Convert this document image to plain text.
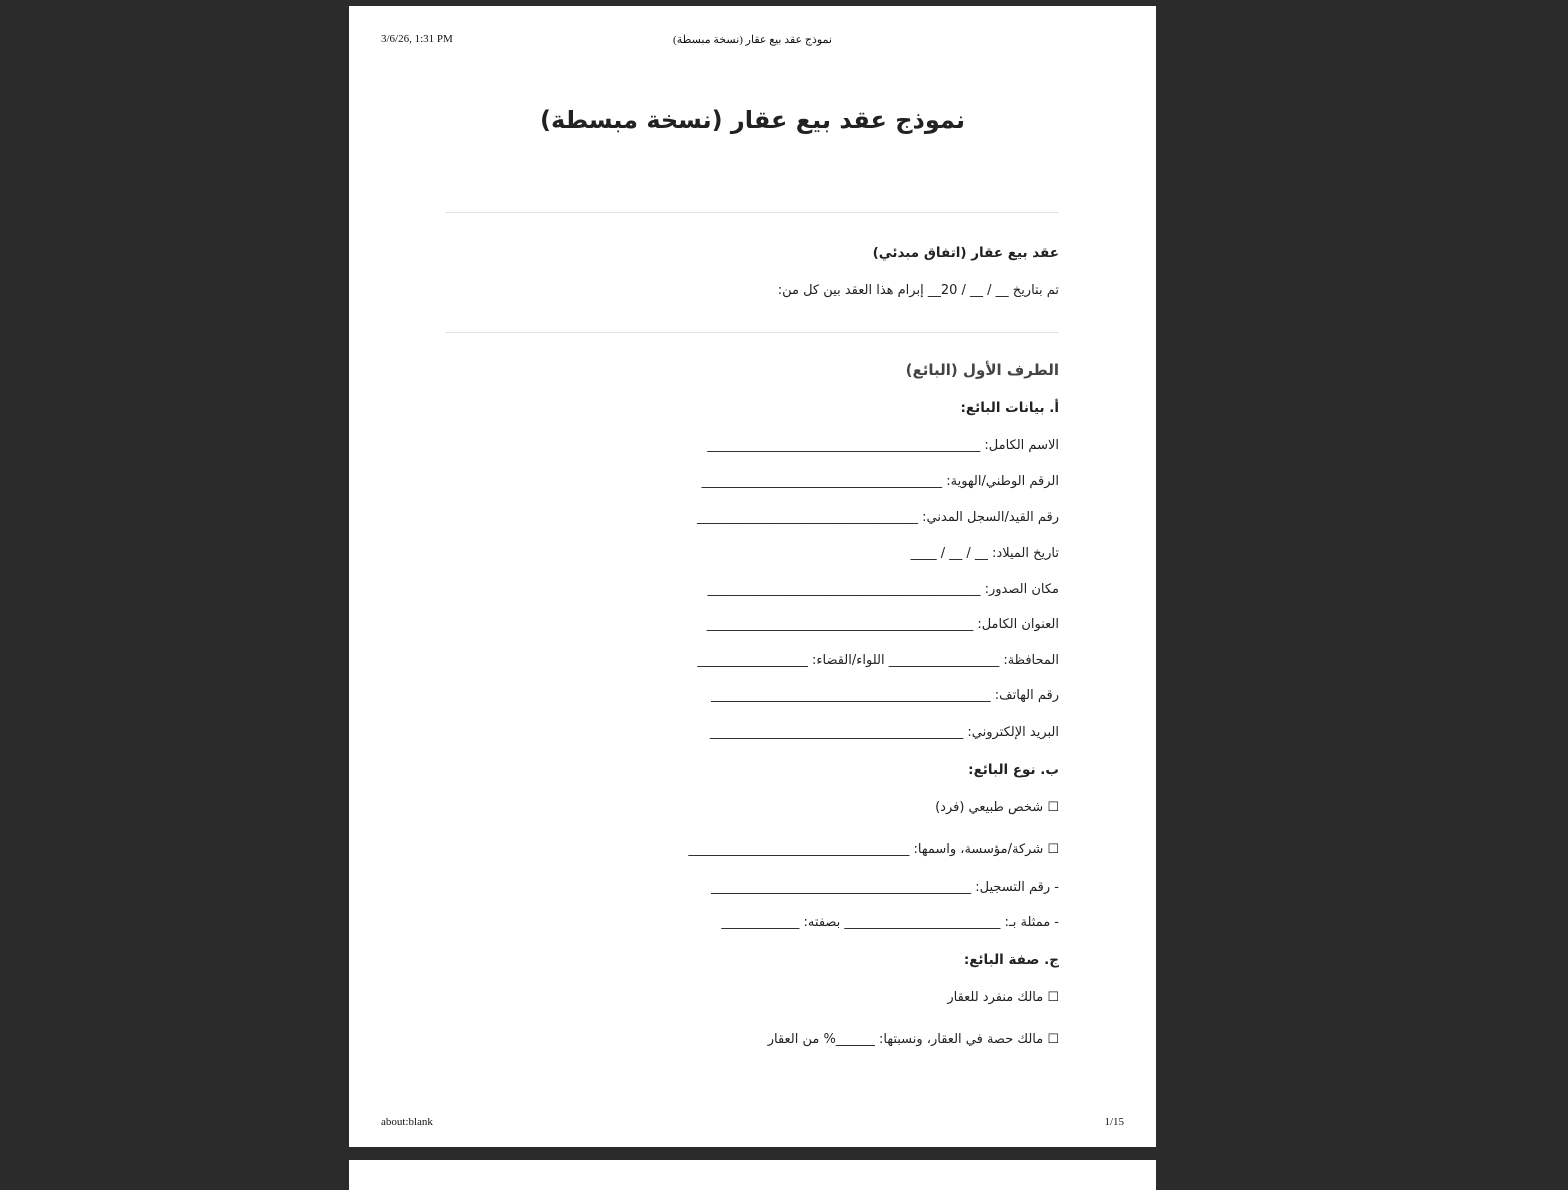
3/6/26, 1:31 PM	نموذج عقد بيع عقار (نسخة مبسطة)
نموذج عقد بيع عقار (نسخة مبسطة)
عقد بيع عقار (اتفاق مبدئي)
تم بتاريخ __ / __ / 20__ إبرام هذا العقد بين كل من:
الطرف الأول (البائع)
أ. بيانات البائع:
الاسم الكامل: __________________________________________
الرقم الوطني/الهوية: _____________________________________
رقم القيد/السجل المدني: __________________________________
تاريخ الميلاد: __ / __ / ____
مكان الصدور: __________________________________________
العنوان الكامل: _________________________________________
المحافظة: _________________ اللواء/القضاء: _________________
رقم الهاتف: ___________________________________________
البريد الإلكتروني: _______________________________________
ب. نوع البائع:
☐ شخص طبيعي (فرد)
☐ شركة/مؤسسة، واسمها: __________________________________
- رقم التسجيل: ________________________________________
- ممثلة بـ: ________________________ بصفته: ____________
ج. صفة البائع:
☐ مالك منفرد للعقار
☐ مالك حصة في العقار، ونسبتها: ______% من العقار
about:blank	1/15
